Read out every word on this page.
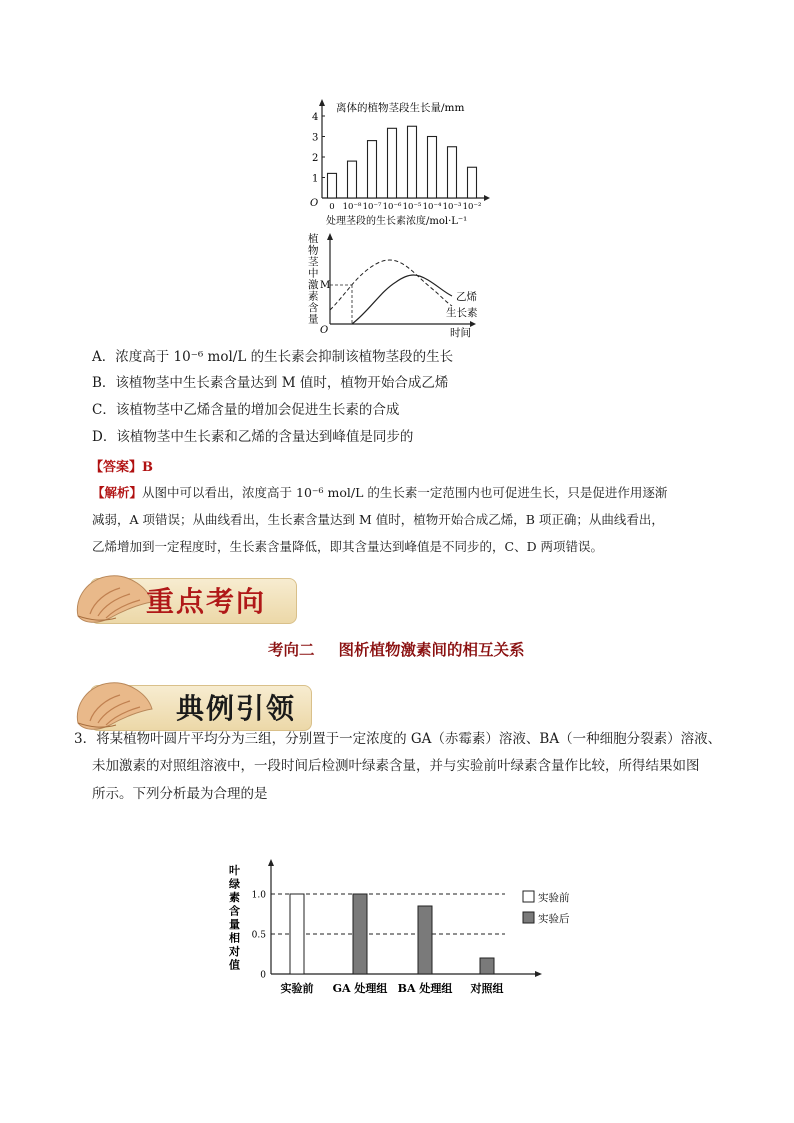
离体的植物茎段生长量/mm
O
1
2
3
4
0 10⁻⁸ 10⁻⁷ 10⁻⁶ 10⁻⁵ 10⁻⁴ 10⁻³ 10⁻²
处理茎段的生长素浓度/mol·L⁻¹
植
物
茎
中
激
素
含
量
O
M
乙烯
生长素
时间
A．浓度高于 10⁻⁶ mol/L 的生长素会抑制该植物茎段的生长
B．该植物茎中生长素含量达到 M 值时，植物开始合成乙烯
C．该植物茎中乙烯含量的增加会促进生长素的合成
D．该植物茎中生长素和乙烯的含量达到峰值是同步的
【答案】B
【解析】从图中可以看出，浓度高于 10⁻⁶ mol/L 的生长素一定范围内也可促进生长，只是促进作用逐渐
减弱，A 项错误；从曲线看出，生长素含量达到 M 值时，植物开始合成乙烯，B 项正确；从曲线看出，
乙烯增加到一定程度时，生长素含量降低，即其含量达到峰值是不同步的，C、D 两项错误。
重点考向
考向二 图析植物激素间的相互关系
典例引领
3．将某植物叶圆片平均分为三组，分别置于一定浓度的 GA（赤霉素）溶液、BA（一种细胞分裂素）溶液、
未加激素的对照组溶液中，一段时间后检测叶绿素含量，并与实验前叶绿素含量作比较，所得结果如图
所示。下列分析最为合理的是
叶
绿
素
含
量
相
对
值
0
0.5
1.0
实验前 GA 处理组 BA 处理组 对照组
实验前
实验后
